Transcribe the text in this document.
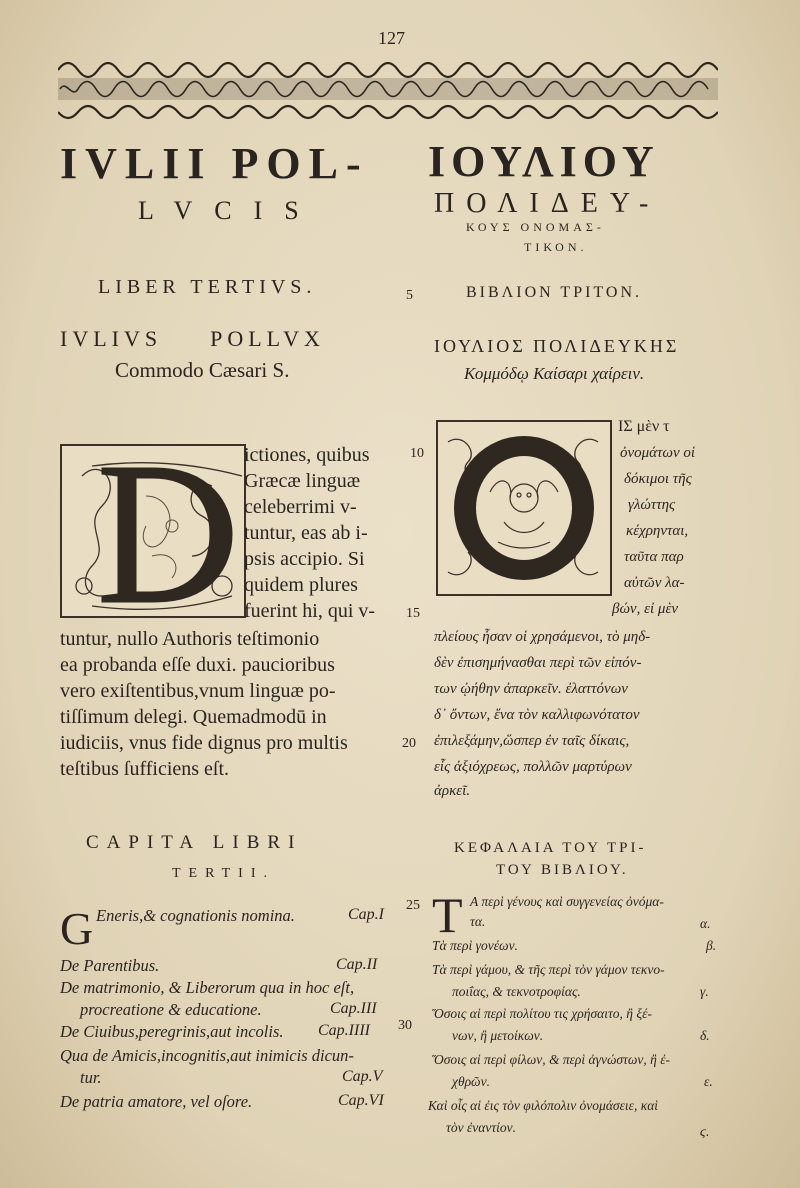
127
IVLII POL-
LVCIS
ΙΟΥΛΙΟΥ
ΠΟΛΙΔΕΥ-
ΚΟΥΣ ΟΝΟΜΑΣ-
ΤΙΚΟΝ.
LIBER TERTIVS.	ΒΙΒΛΙΟΝ ΤΡΙΤΟΝ.
5
10
15
20
25
30
IVLIVS POLLVX
Commodo Cæsari S.
ΙΟΥΛΙΟΣ ΠΟΛΙΔΕΥΚΗΣ
Κομμόδῳ Καίσαρι χαίρειν.
ictiones, quibus
Græcæ linguæ
celeberrimi v-
tuntur, eas ab i-
psis accipio. Si
quidem plures
fuerint hi, qui v-
tuntur, nullo Authoris teſtimonio
ea probanda eſſe duxi. paucioribus
vero exiſtentibus,vnum linguæ po-
tiſſimum delegi. Quemadmodū in
iudiciis, vnus fide dignus pro multis
teſtibus ſufficiens eſt.
ΙΣ μὲν τ
ὀνομάτων οἱ
δόκιμοι τῆς
γλώττης
κέχρηνται,
ταῦτα παρ
αὐτῶν λα-
βών, εἰ μὲν
πλείους ἦσαν οἱ χρησάμενοι, τὸ μηδ-
δὲν ἐπισημήνασθαι περὶ τῶν εἰπόν-
των ᾠήθην ἀπαρκεῖν. ἐλαττόνων
δ᾽ ὄντων, ἕνα τὸν καλλιφωνότατον
ἐπιλεξάμην,ὥσπερ ἐν ταῖς δίκαις,
εἷς ἀξιόχρεως, πολλῶν μαρτύρων
ἀρκεῖ.
CAPITA LIBRI
TERTII.
ΚΕΦΑΛΑΙΑ ΤΟΥ ΤΡΙ-
ΤΟΥ ΒΙΒΛΙΟΥ.
G Eneris,& cognationis nomina.	Cap.I
De Parentibus.	Cap.II
De matrimonio, & Liberorum qua in hoc eſt,
procreatione & educatione.	Cap.III
De Ciuibus,peregrinis,aut incolis. Cap.IIII
Qua de Amicis,incognitis,aut inimicis dicun-
tur.	Cap.V
De patria amatore, vel oſore.	Cap.VI
Τ Α περὶ γένους καὶ συγγενείας ὀνόμα-
τα.	α.
Τὰ περὶ γονέων.	β.
Τὰ περὶ γάμου, & τῆς περὶ τὸν γάμον τεκνο-
ποιΐας, & τεκνοτροφίας.	γ.
Ὅσοις αἱ περὶ πολίτου τις χρήσαιτο, ἢ ξέ-
νων, ἢ μετοίκων.	δ.
Ὅσοις αἱ περὶ φίλων, & περὶ ἀγνώστων, ἢ ἐ-
χθρῶν.	ε.
Καὶ οἷς αἱ ἐις τὸν φιλόπολιν ὀνομάσειε, καὶ
τὸν ἐναντίον.	ϛ.
